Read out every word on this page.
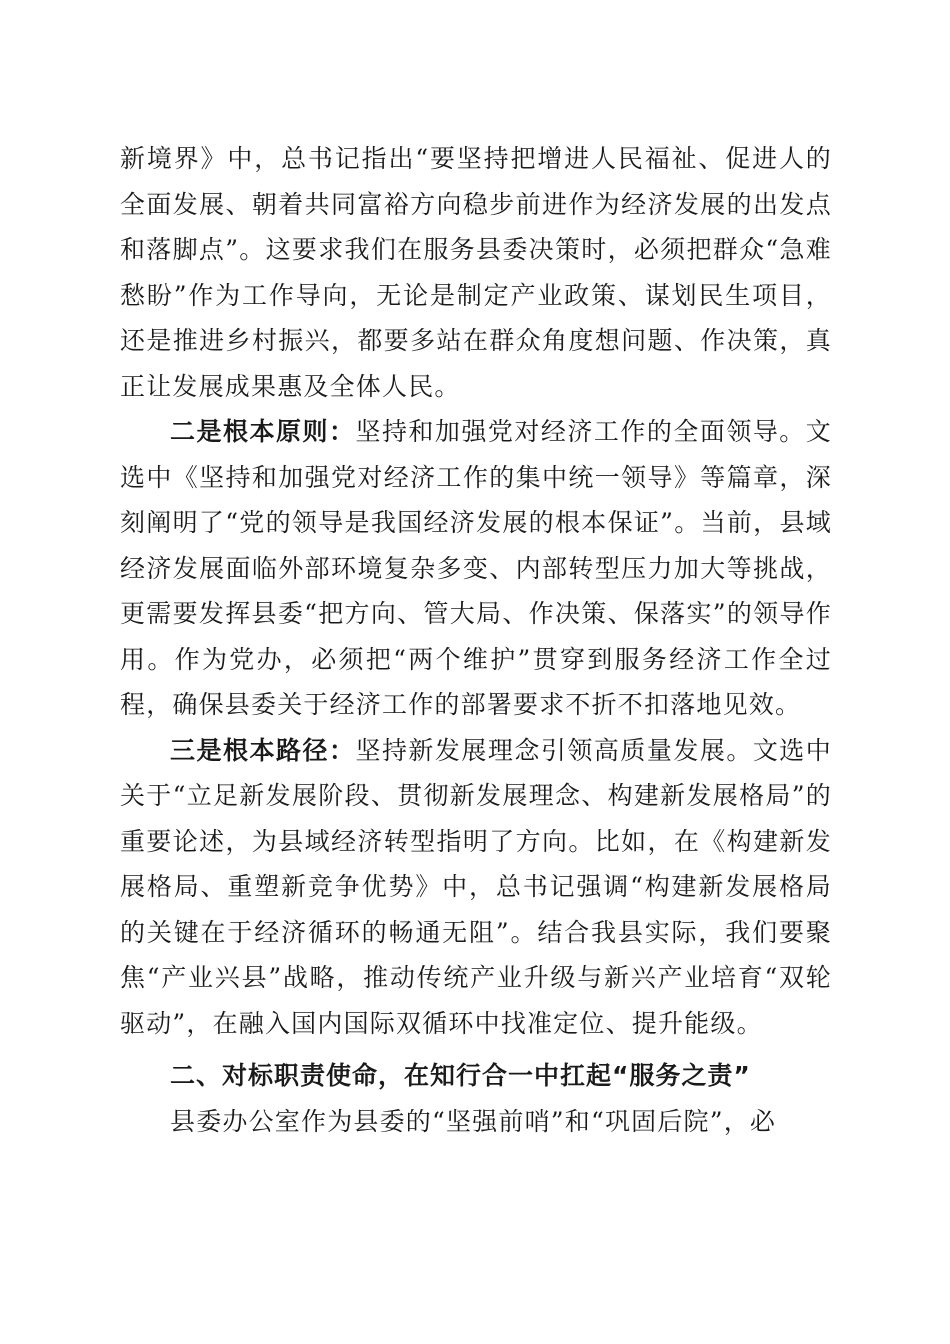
新境界》中，总书记指出“要坚持把增进人民福祉、促进人的全面发展、朝着共同富裕方向稳步前进作为经济发展的出发点和落脚点”。这要求我们在服务县委决策时，必须把群众“急难愁盼”作为工作导向，无论是制定产业政策、谋划民生项目，还是推进乡村振兴，都要多站在群众角度想问题、作决策，真正让发展成果惠及全体人民。

二是根本原则：坚持和加强党对经济工作的全面领导。文选中《坚持和加强党对经济工作的集中统一领导》等篇章，深刻阐明了“党的领导是我国经济发展的根本保证”。当前，县域经济发展面临外部环境复杂多变、内部转型压力加大等挑战，更需要发挥县委“把方向、管大局、作决策、保落实”的领导作用。作为党办，必须把“两个维护”贯穿到服务经济工作全过程，确保县委关于经济工作的部署要求不折不扣落地见效。

三是根本路径：坚持新发展理念引领高质量发展。文选中关于“立足新发展阶段、贯彻新发展理念、构建新发展格局”的重要论述，为县域经济转型指明了方向。比如，在《构建新发展格局、重塑新竞争优势》中，总书记强调“构建新发展格局的关键在于经济循环的畅通无阻”。结合我县实际，我们要聚焦“产业兴县”战略，推动传统产业升级与新兴产业培育“双轮驱动”，在融入国内国际双循环中找准定位、提升能级。

二、对标职责使命，在知行合一中扛起“服务之责”

县委办公室作为县委的“坚强前哨”和“巩固后院”，必
